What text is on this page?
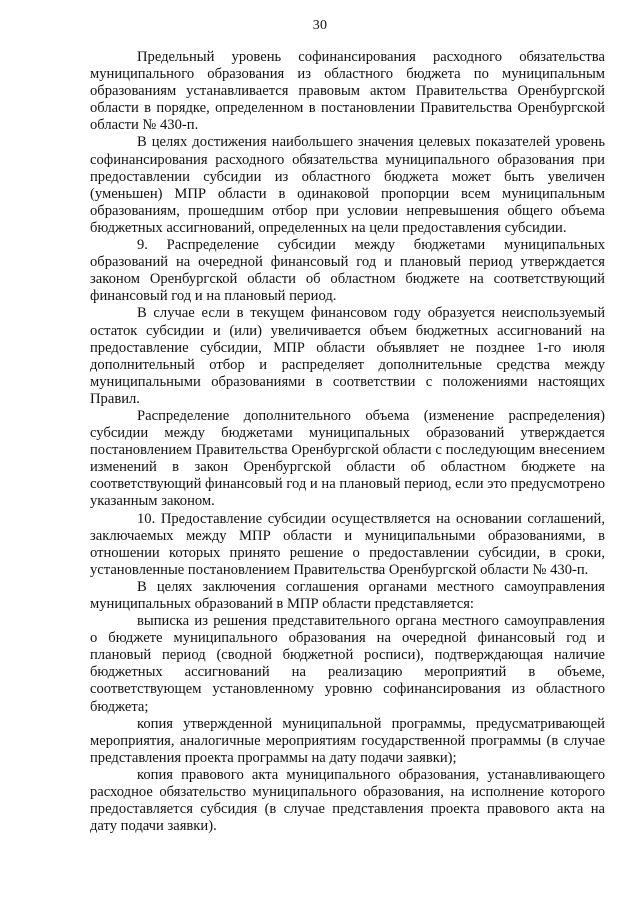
30

Предельный уровень софинансирования расходного обязательства муниципального образования из областного бюджета по муниципальным образованиям устанавливается правовым актом Правительства Оренбургской области в порядке, определенном в постановлении Правительства Оренбургской области № 430-п.

В целях достижения наибольшего значения целевых показателей уровень софинансирования расходного обязательства муниципального образования при предоставлении субсидии из областного бюджета может быть увеличен (уменьшен) МПР области в одинаковой пропорции всем муниципальным образованиям, прошедшим отбор при условии непревышения общего объема бюджетных ассигнований, определенных на цели предоставления субсидии.

9. Распределение субсидии между бюджетами муниципальных образований на очередной финансовый год и плановый период утверждается законом Оренбургской области об областном бюджете на соответствующий финансовый год и на плановый период.

В случае если в текущем финансовом году образуется неиспользуемый остаток субсидии и (или) увеличивается объем бюджетных ассигнований на предоставление субсидии, МПР области объявляет не позднее 1-го июля дополнительный отбор и распределяет дополнительные средства между муниципальными образованиями в соответствии с положениями настоящих Правил.

Распределение дополнительного объема (изменение распределения) субсидии между бюджетами муниципальных образований утверждается постановлением Правительства Оренбургской области с последующим внесением изменений в закон Оренбургской области об областном бюджете на соответствующий финансовый год и на плановый период, если это предусмотрено указанным законом.

10. Предоставление субсидии осуществляется на основании соглашений, заключаемых между МПР области и муниципальными образованиями, в отношении которых принято решение о предоставлении субсидии, в сроки, установленные постановлением Правительства Оренбургской области № 430-п.

В целях заключения соглашения органами местного самоуправления муниципальных образований в МПР области представляется:

выписка из решения представительного органа местного самоуправления о бюджете муниципального образования на очередной финансовый год и плановый период (сводной бюджетной росписи), подтверждающая наличие бюджетных ассигнований на реализацию мероприятий в объеме, соответствующем установленному уровню софинансирования из областного бюджета;

копия утвержденной муниципальной программы, предусматривающей мероприятия, аналогичные мероприятиям государственной программы (в случае представления проекта программы на дату подачи заявки);

копия правового акта муниципального образования, устанавливающего расходное обязательство муниципального образования, на исполнение которого предоставляется субсидия (в случае представления проекта правового акта на дату подачи заявки).
